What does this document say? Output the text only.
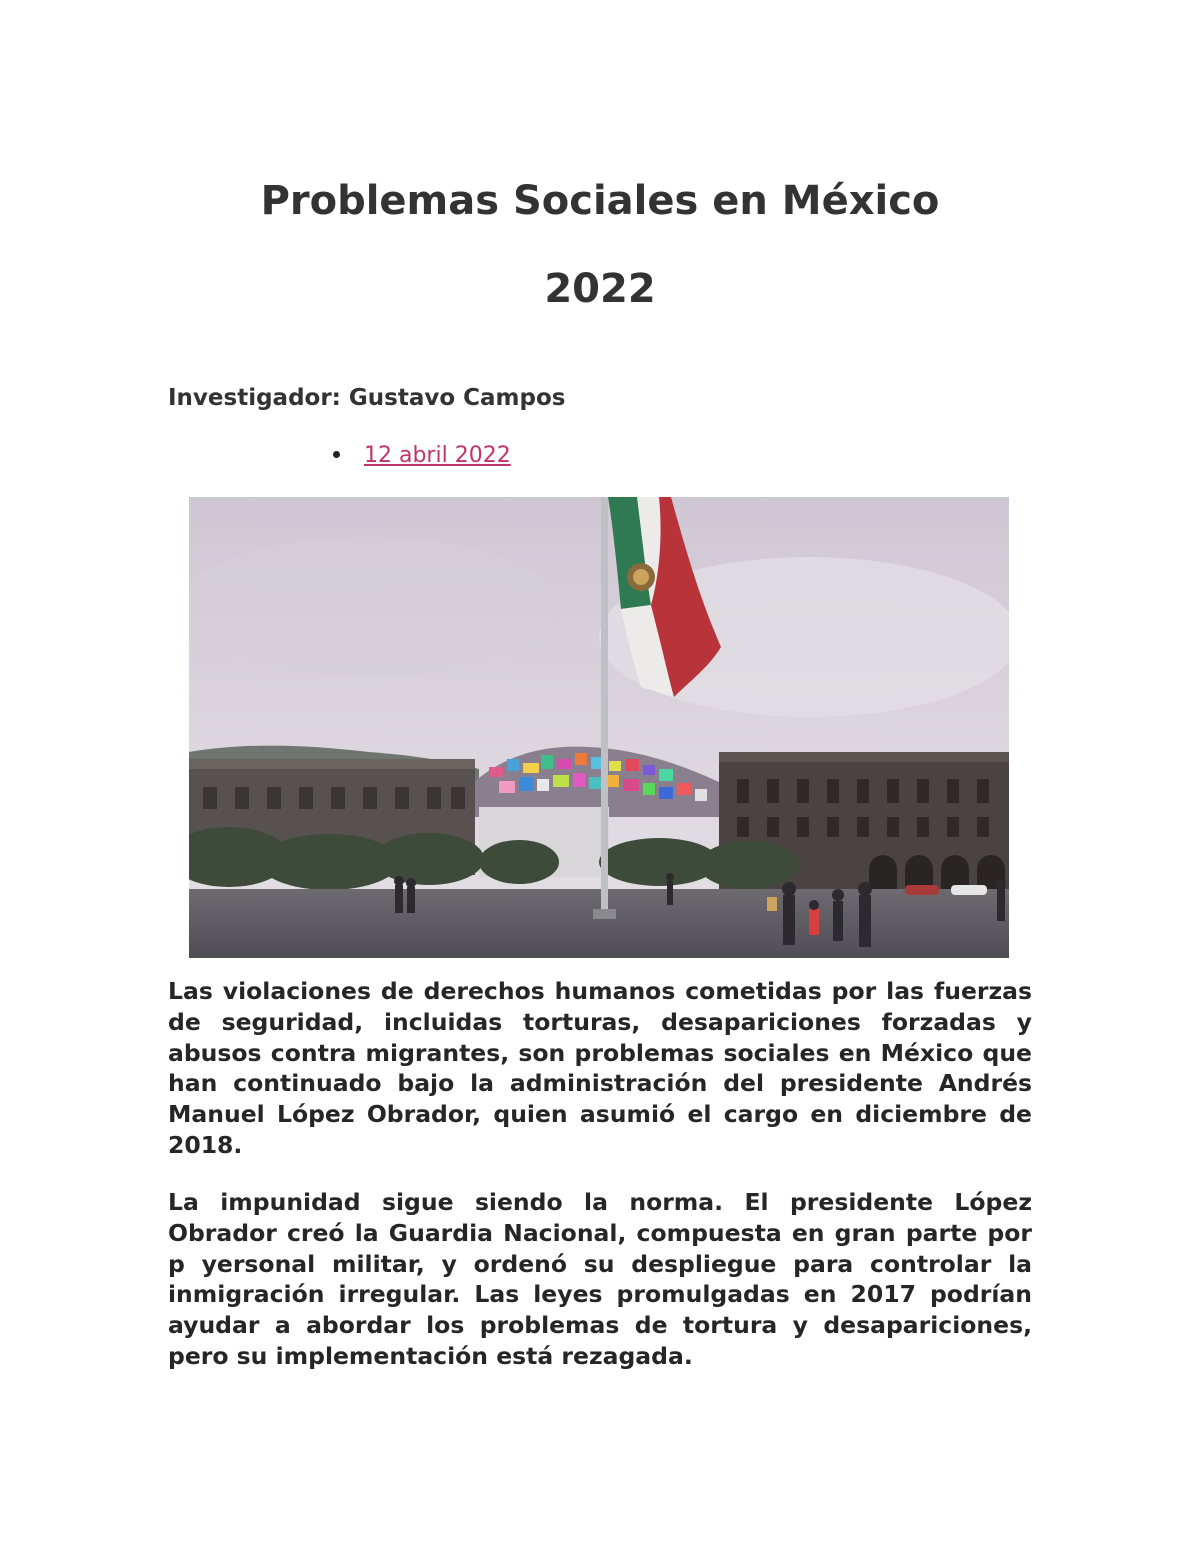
Problemas Sociales en México
2022

Investigador: Gustavo Campos

12 abril 2022

Las violaciones de derechos humanos cometidas por las fuerzas de seguridad, incluidas torturas, desapariciones forzadas y abusos contra migrantes, son problemas sociales en México que han continuado bajo la administración del presidente Andrés Manuel López Obrador, quien asumió el cargo en diciembre de 2018.

La impunidad sigue siendo la norma. El presidente López Obrador creó la Guardia Nacional, compuesta en gran parte por p yersonal militar, y ordenó su despliegue para controlar la inmigración irregular. Las leyes promulgadas en 2017 podrían ayudar a abordar los problemas de tortura y desapariciones, pero su implementación está rezagada.
